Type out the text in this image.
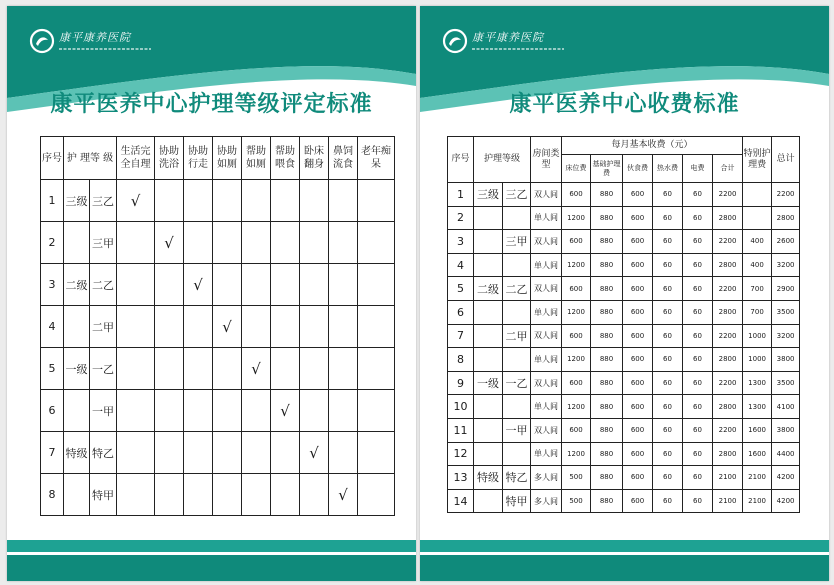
康平康养医院
康平医养中心护理等级评定标准
序号	护 理等 级		生活完全自理	协助洗浴	协助行走	协助如厕	帮助如厕	帮助喂食	卧床翻身	鼻饲流食	老年痴呆
1	三级	三乙	√								
2		三甲		√							
3	二级	二乙			√						
4		二甲				√					
5	一级	一乙					√				
6		一甲						√			
7	特级	特乙							√		
8		特甲								√	
康平康养医院
康平医养中心收费标准
序号	护理等级		房间类型	每月基本收费（元）						特别护理费	总计
				床位费	基础护理费	伙食费	热水费	电费	合计		
1	三级	三乙	双人间	600	880	600	60	60	2200		2200
2			单人间	1200	880	600	60	60	2800		2800
3		三甲	双人间	600	880	600	60	60	2200	400	2600
4			单人间	1200	880	600	60	60	2800	400	3200
5	二级	二乙	双人间	600	880	600	60	60	2200	700	2900
6			单人间	1200	880	600	60	60	2800	700	3500
7		二甲	双人间	600	880	600	60	60	2200	1000	3200
8			单人间	1200	880	600	60	60	2800	1000	3800
9	一级	一乙	双人间	600	880	600	60	60	2200	1300	3500
10			单人间	1200	880	600	60	60	2800	1300	4100
11		一甲	双人间	600	880	600	60	60	2200	1600	3800
12			单人间	1200	880	600	60	60	2800	1600	4400
13	特级	特乙	多人间	500	880	600	60	60	2100	2100	4200
14		特甲	多人间	500	880	600	60	60	2100	2100	4200
